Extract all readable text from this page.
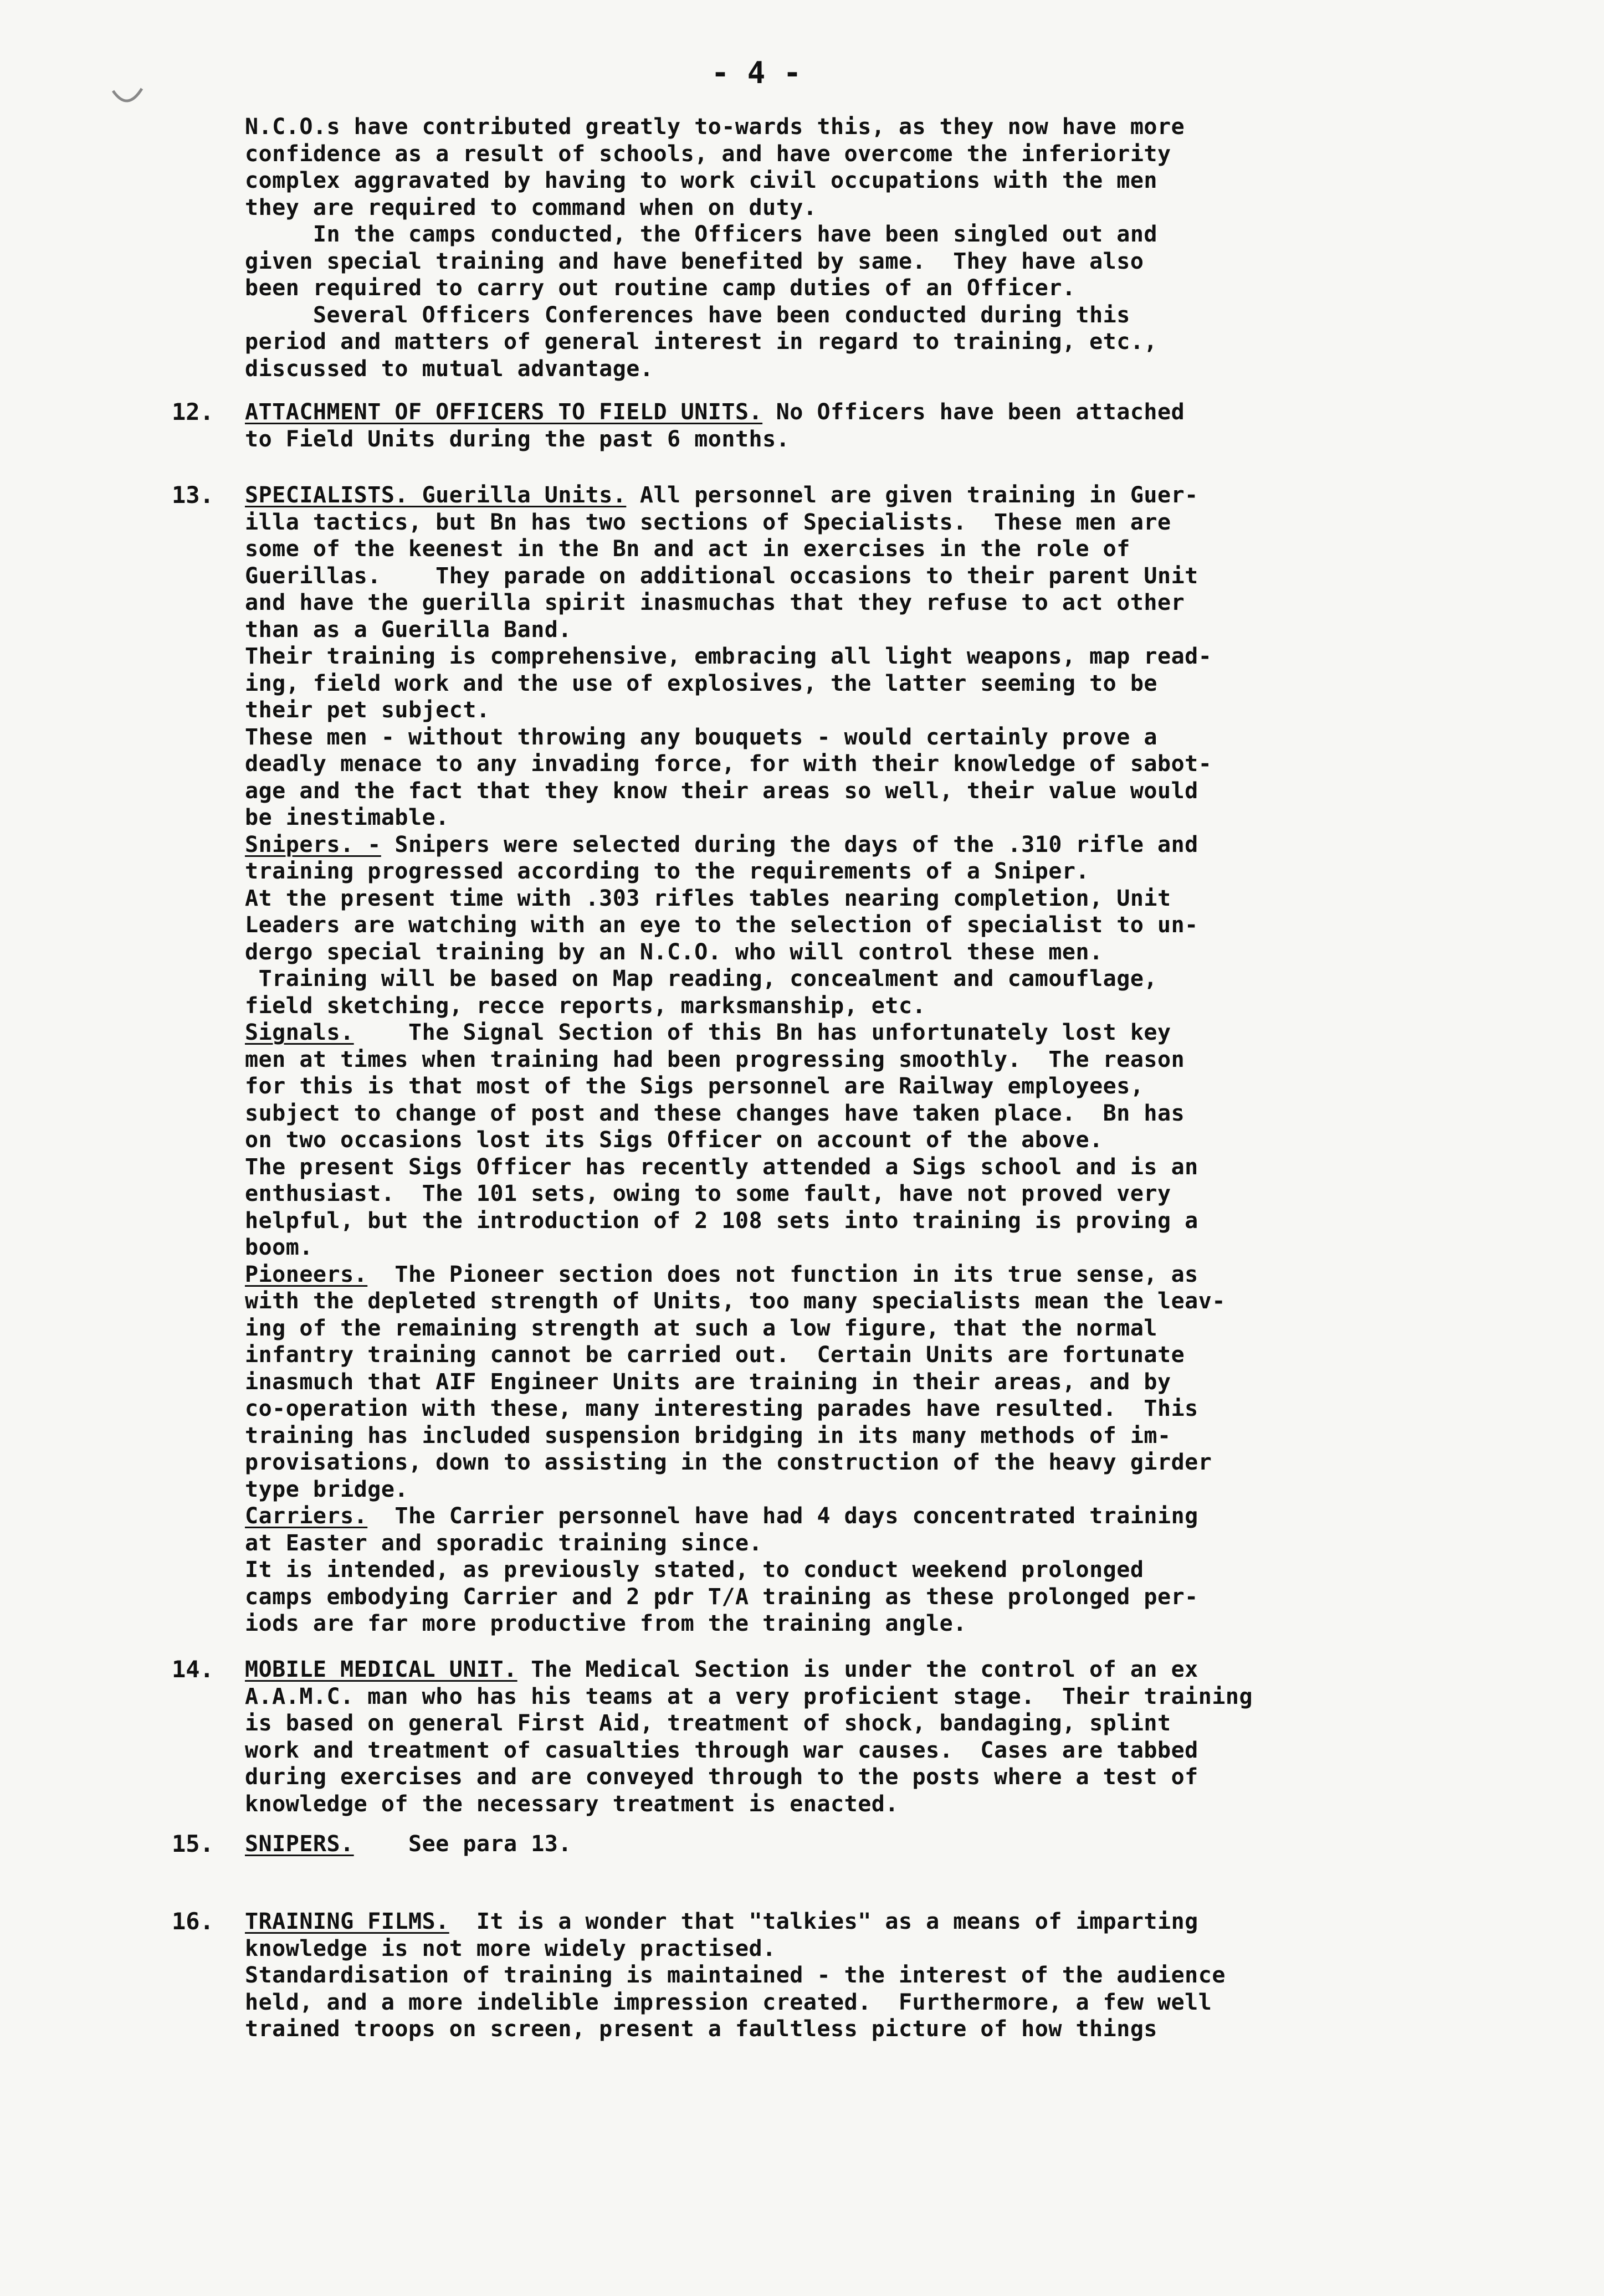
- 4 -
N.C.O.s have contributed greatly to-wards this, as they now have more
confidence as a result of schools, and have overcome the inferiority
complex aggravated by having to work civil occupations with the men
they are required to command when on duty.
In the camps conducted, the Officers have been singled out and
given special training and have benefited by same.  They have also
been required to carry out routine camp duties of an Officer.
Several Officers Conferences have been conducted during this
period and matters of general interest in regard to training, etc.,
discussed to mutual advantage.
12. ATTACHMENT OF OFFICERS TO FIELD UNITS. No Officers have been attached
to Field Units during the past 6 months.
13. SPECIALISTS. Guerilla Units. All personnel are given training in Guer-
illa tactics, but Bn has two sections of Specialists.  These men are
some of the keenest in the Bn and act in exercises in the role of
Guerillas.    They parade on additional occasions to their parent Unit
and have the guerilla spirit inasmuchas that they refuse to act other
than as a Guerilla Band.
Their training is comprehensive, embracing all light weapons, map read-
ing, field work and the use of explosives, the latter seeming to be
their pet subject.
These men - without throwing any bouquets - would certainly prove a
deadly menace to any invading force, for with their knowledge of sabot-
age and the fact that they know their areas so well, their value would
be inestimable.
Snipers. - Snipers were selected during the days of the .310 rifle and
training progressed according to the requirements of a Sniper.
At the present time with .303 rifles tables nearing completion, Unit
Leaders are watching with an eye to the selection of specialist to un-
dergo special training by an N.C.O. who will control these men.
Training will be based on Map reading, concealment and camouflage,
field sketching, recce reports, marksmanship, etc.
Signals.    The Signal Section of this Bn has unfortunately lost key
men at times when training had been progressing smoothly.  The reason
for this is that most of the Sigs personnel are Railway employees,
subject to change of post and these changes have taken place.  Bn has
on two occasions lost its Sigs Officer on account of the above.
The present Sigs Officer has recently attended a Sigs school and is an
enthusiast.  The 101 sets, owing to some fault, have not proved very
helpful, but the introduction of 2 108 sets into training is proving a
boom.
Pioneers.  The Pioneer section does not function in its true sense, as
with the depleted strength of Units, too many specialists mean the leav-
ing of the remaining strength at such a low figure, that the normal
infantry training cannot be carried out.  Certain Units are fortunate
inasmuch that AIF Engineer Units are training in their areas, and by
co-operation with these, many interesting parades have resulted.  This
training has included suspension bridging in its many methods of im-
provisations, down to assisting in the construction of the heavy girder
type bridge.
Carriers.  The Carrier personnel have had 4 days concentrated training
at Easter and sporadic training since.
It is intended, as previously stated, to conduct weekend prolonged
camps embodying Carrier and 2 pdr T/A training as these prolonged per-
iods are far more productive from the training angle.
14. MOBILE MEDICAL UNIT. The Medical Section is under the control of an ex
A.A.M.C. man who has his teams at a very proficient stage.  Their training
is based on general First Aid, treatment of shock, bandaging, splint
work and treatment of casualties through war causes.  Cases are tabbed
during exercises and are conveyed through to the posts where a test of
knowledge of the necessary treatment is enacted.
15. SNIPERS.    See para 13.
16. TRAINING FILMS.  It is a wonder that "talkies" as a means of imparting
knowledge is not more widely practised.
Standardisation of training is maintained - the interest of the audience
held, and a more indelible impression created.  Furthermore, a few well
trained troops on screen, present a faultless picture of how things
